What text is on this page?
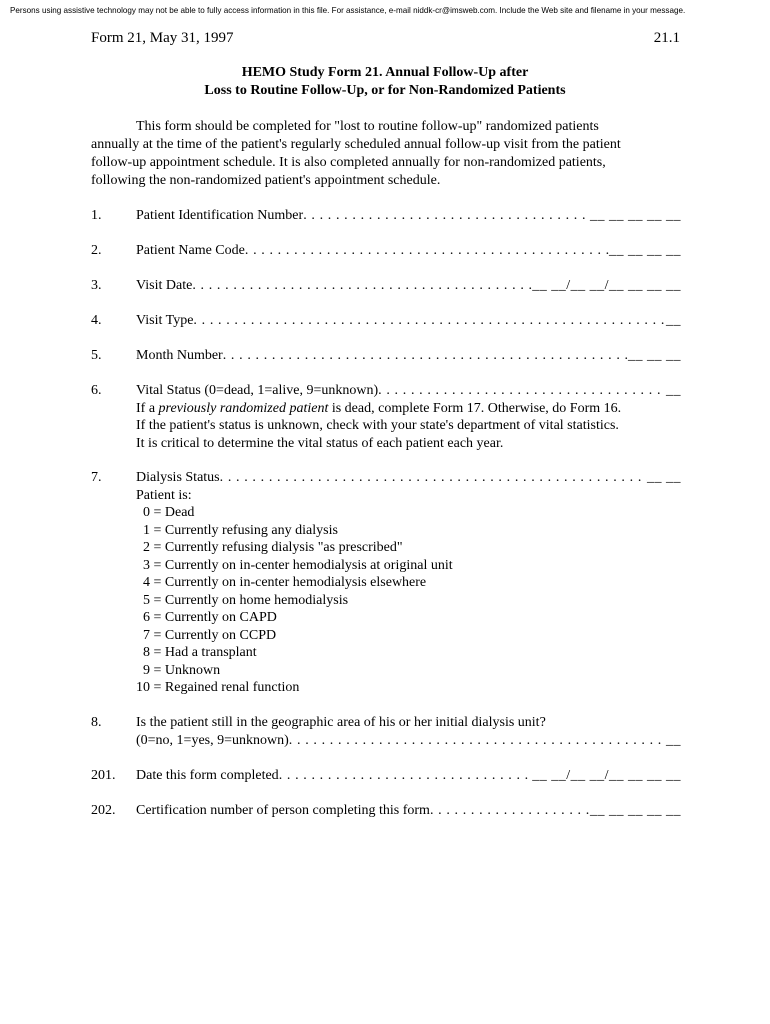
Persons using assistive technology may not be able to fully access information in this file. For assistance, e-mail niddk-cr@imsweb.com. Include the Web site and filename in your message.
Form 21, May 31, 1997	21.1
HEMO Study Form 21. Annual Follow-Up after
Loss to Routine Follow-Up, or for Non-Randomized Patients

This form should be completed for "lost to routine follow-up" randomized patients

annually at the time of the patient's regularly scheduled annual follow-up visit from the patient

follow-up appointment schedule. It is also completed annually for non-randomized patients,

following the non-randomized patient's appointment schedule.

1. Patient Identification Number . . .	__ __ __ __ __
2. Patient Name Code . . .	__ __ __ __
3. Visit Date . . .	__ __/__ __/__ __ __ __
4. Visit Type . . .	__
5. Month Number . . .	__ __ __
6. Vital Status (0=dead, 1=alive, 9=unknown) . . .	__
If a previously randomized patient is dead, complete Form 17. Otherwise, do Form 16.
If the patient's status is unknown, check with your state's department of vital statistics.
It is critical to determine the vital status of each patient each year.
7. Dialysis Status . . .	__ __
Patient is:
0 = Dead
1 = Currently refusing any dialysis
2 = Currently refusing dialysis "as prescribed"
3 = Currently on in-center hemodialysis at original unit
4 = Currently on in-center hemodialysis elsewhere
5 = Currently on home hemodialysis
6 = Currently on CAPD
7 = Currently on CCPD
8 = Had a transplant
9 = Unknown
10 = Regained renal function
8. Is the patient still in the geographic area of his or her initial dialysis unit?
(0=no, 1=yes, 9=unknown) . . .	__
201. Date this form completed . . .	__ __/__ __/__ __ __ __
202. Certification number of person completing this form . . .	__ __ __ __ __
